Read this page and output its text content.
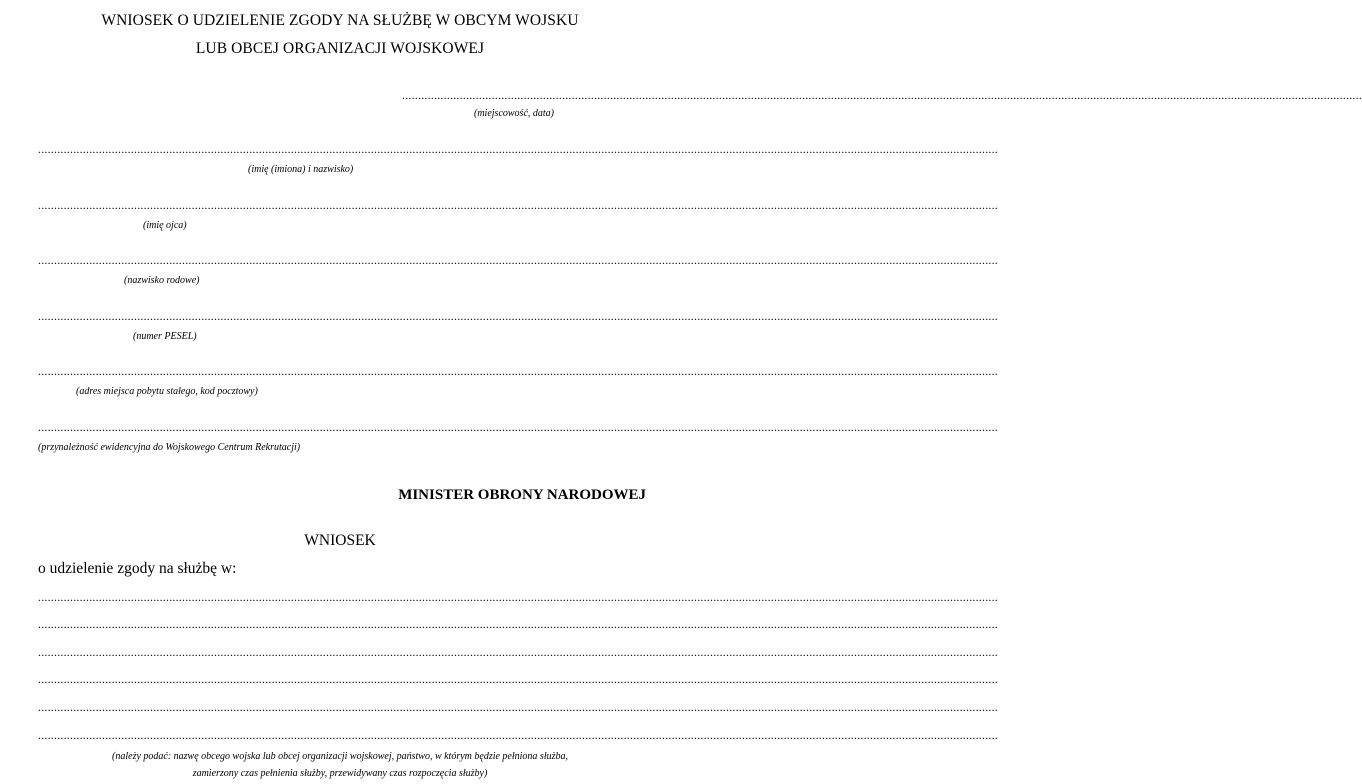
WNIOSEK O UDZIELENIE ZGODY NA SŁUŻBĘ W OBCYM WOJSKU
LUB OBCEJ ORGANIZACJI WOJSKOWEJ
............................................................................................................................................................................................................................................................................................................
(miejscowość, data)
............................................................................................................................................................................................................................................................................................................
(imię (imiona) i nazwisko)
............................................................................................................................................................................................................................................................................................................
(imię ojca)
............................................................................................................................................................................................................................................................................................................
(nazwisko rodowe)
............................................................................................................................................................................................................................................................................................................
(numer PESEL)
............................................................................................................................................................................................................................................................................................................
(adres miejsca pobytu stałego, kod pocztowy)
............................................................................................................................................................................................................................................................................................................
(przynależność ewidencyjna do Wojskowego Centrum Rekrutacji)
MINISTER OBRONY NARODOWEJ
WNIOSEK
o udzielenie zgody na służbę w:
............................................................................................................................................................................................................................................................................................................
............................................................................................................................................................................................................................................................................................................
............................................................................................................................................................................................................................................................................................................
............................................................................................................................................................................................................................................................................................................
............................................................................................................................................................................................................................................................................................................
............................................................................................................................................................................................................................................................................................................
(należy podać: nazwę obcego wojska lub obcej organizacji wojskowej, państwo, w którym będzie pełniona służba,
zamierzony czas pełnienia służby, przewidywany czas rozpoczęcia służby)
